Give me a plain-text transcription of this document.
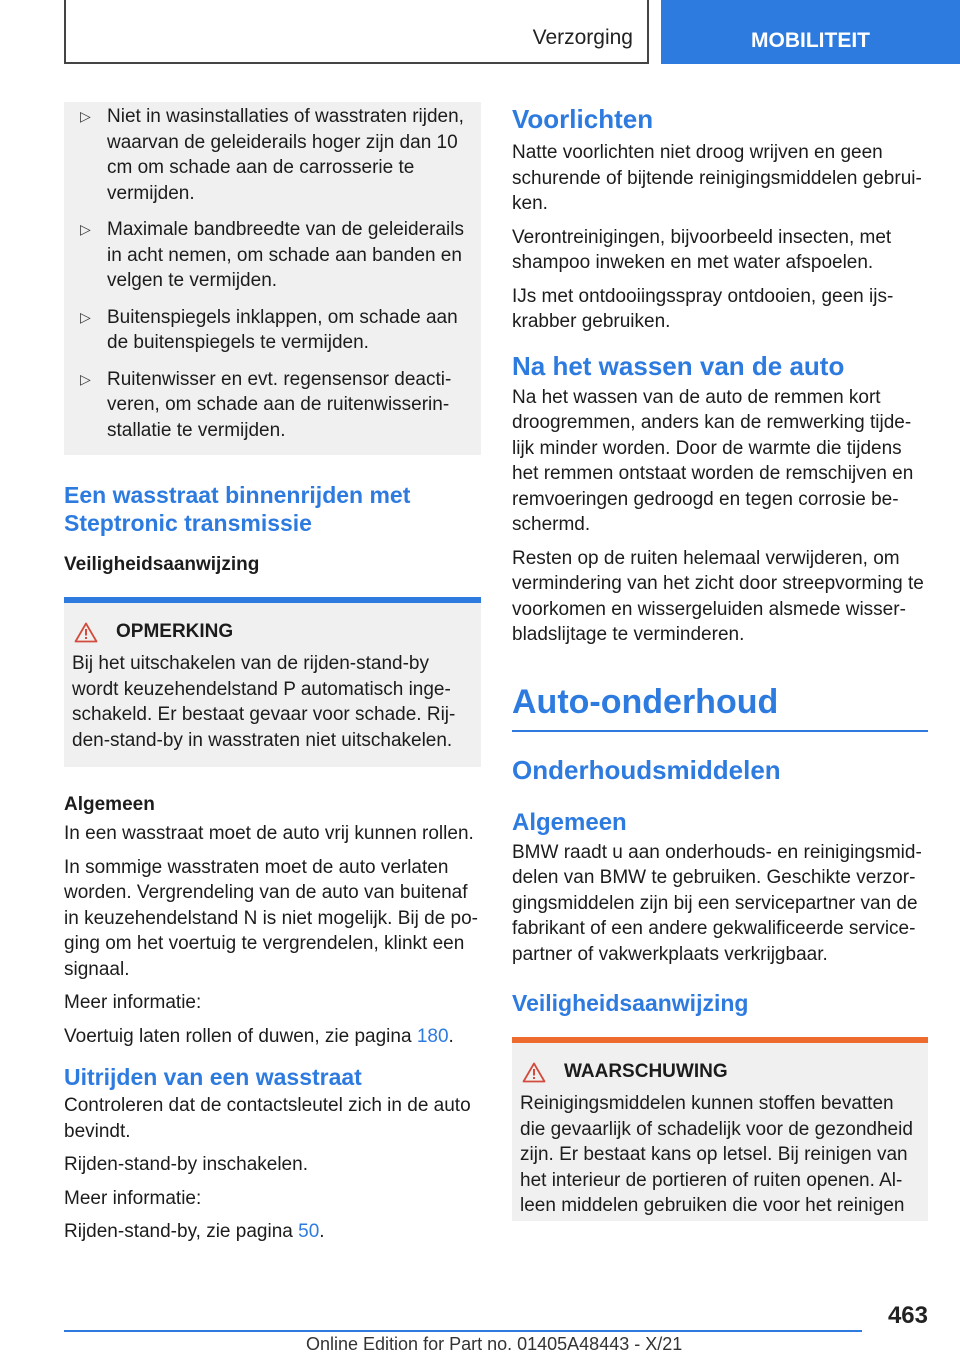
Verzorging	MOBILITEIT
▷ Niet in wasinstallaties of wasstraten rijden, waarvan de geleiderails hoger zijn dan 10 cm om schade aan de carrosserie te vermijden.
▷ Maximale bandbreedte van de geleiderails in acht nemen, om schade aan banden en velgen te vermijden.
▷ Buitenspiegels inklappen, om schade aan de buitenspiegels te vermijden.
▷ Ruitenwisser en evt. regensensor deacti‐veren, om schade aan de ruitenwisserin‐stallatie te vermijden.
Een wasstraat binnenrijden met Steptronic transmissie
Veiligheidsaanwijzing
OPMERKING

Bij het uitschakelen van de rijden-stand-by wordt keuzehendelstand P automatisch inge‐schakeld. Er bestaat gevaar voor schade. Rij‐den-stand-by in wasstraten niet uitschakelen.

Algemeen

In een wasstraat moet de auto vrij kunnen rollen.

In sommige wasstraten moet de auto verlaten worden. Vergrendeling van de auto van buitenaf in keuzehendelstand N is niet mogelijk. Bij de po‐ging om het voertuig te vergrendelen, klinkt een signaal.

Meer informatie:

Voertuig laten rollen of duwen, zie pagina 180.

Uitrijden van een wasstraat

Controleren dat de contactsleutel zich in de auto bevindt.

Rijden-stand-by inschakelen.

Meer informatie:

Rijden-stand-by, zie pagina 50.

Voorlichten

Natte voorlichten niet droog wrijven en geen schurende of bijtende reinigingsmiddelen gebrui‐ken.

Verontreinigingen, bijvoorbeeld insecten, met shampoo inweken en met water afspoelen.

IJs met ontdooiingsspray ontdooien, geen ijs‐krabber gebruiken.

Na het wassen van de auto

Na het wassen van de auto de remmen kort droogremmen, anders kan de remwerking tijde‐lijk minder worden. Door de warmte die tijdens het remmen ontstaat worden de remschijven en remvoeringen gedroogd en tegen corrosie be‐schermd.

Resten op de ruiten helemaal verwijderen, om vermindering van het zicht door streepvorming te voorkomen en wissergeluiden alsmede wisser‐bladslijtage te verminderen.

Auto-onderhoud
Onderhoudsmiddelen
Algemeen

BMW raadt u aan onderhouds- en reinigingsmid‐delen van BMW te gebruiken. Geschikte verzor‐gingsmiddelen zijn bij een servicepartner van de fabrikant of een andere gekwalificeerde service‐partner of vakwerkplaats verkrijgbaar.

Veiligheidsaanwijzing
WAARSCHUWING

Reinigingsmiddelen kunnen stoffen bevatten die gevaarlijk of schadelijk voor de gezondheid zijn. Er bestaat kans op letsel. Bij reinigen van het interieur de portieren of ruiten openen. Al‐leen middelen gebruiken die voor het reinigen

463
Online Edition for Part no. 01405A48443 - X/21
